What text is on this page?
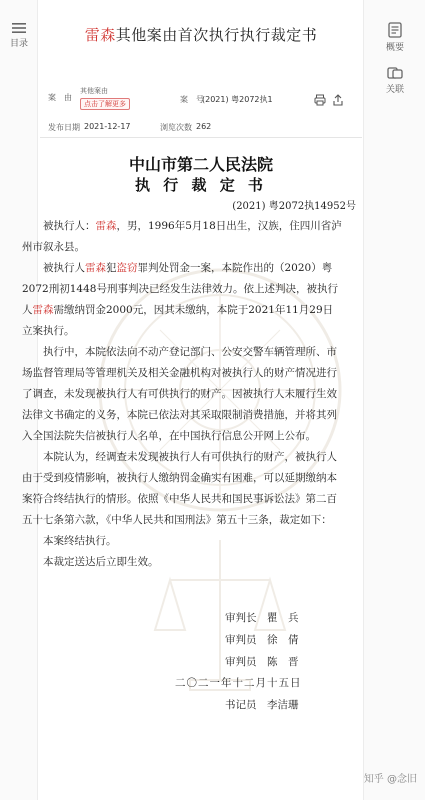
目录	概要
关联
雷森其他案由首次执行执行裁定书
案　由
其他案由
点击了解更多	案　号
(2021) 粤2072执1
发布日期 2021-12-17	浏览次数 262
中山市第二人民法院
执 行 裁 定 书
(2021) 粤2072执14952号

被执行人：雷森，男，1996年5月18日出生，汉族，住四川省泸州市叙永县。

被执行人雷森犯盗窃罪判处罚金一案，本院作出的（2020）粤2072刑初1448号刑事判决已经发生法律效力。依上述判决，被执行人雷森需缴纳罚金2000元，因其未缴纳，本院于2021年11月29日立案执行。

执行中，本院依法向不动产登记部门、公安交警车辆管理所、市场监督管理局等管理机关及相关金融机构对被执行人的财产情况进行了调查，未发现被执行人有可供执行的财产。因被执行人未履行生效法律文书确定的义务，本院已依法对其采取限制消费措施，并将其列入全国法院失信被执行人名单，在中国执行信息公开网上公布。

本院认为，经调查未发现被执行人有可供执行的财产，被执行人由于受到疫情影响，被执行人缴纳罚金确实有困难，可以延期缴纳本案符合终结执行的情形。依照《中华人民共和国民事诉讼法》第二百五十七条第六款，《中华人民共和国刑法》第五十三条，裁定如下：

本案终结执行。

本裁定送达后立即生效。

审判长　瞿　兵
审判员　徐　倩
审判员　陈　晋
二〇二一年十二月十五日
书记员　李洁珊
知乎 @念旧
